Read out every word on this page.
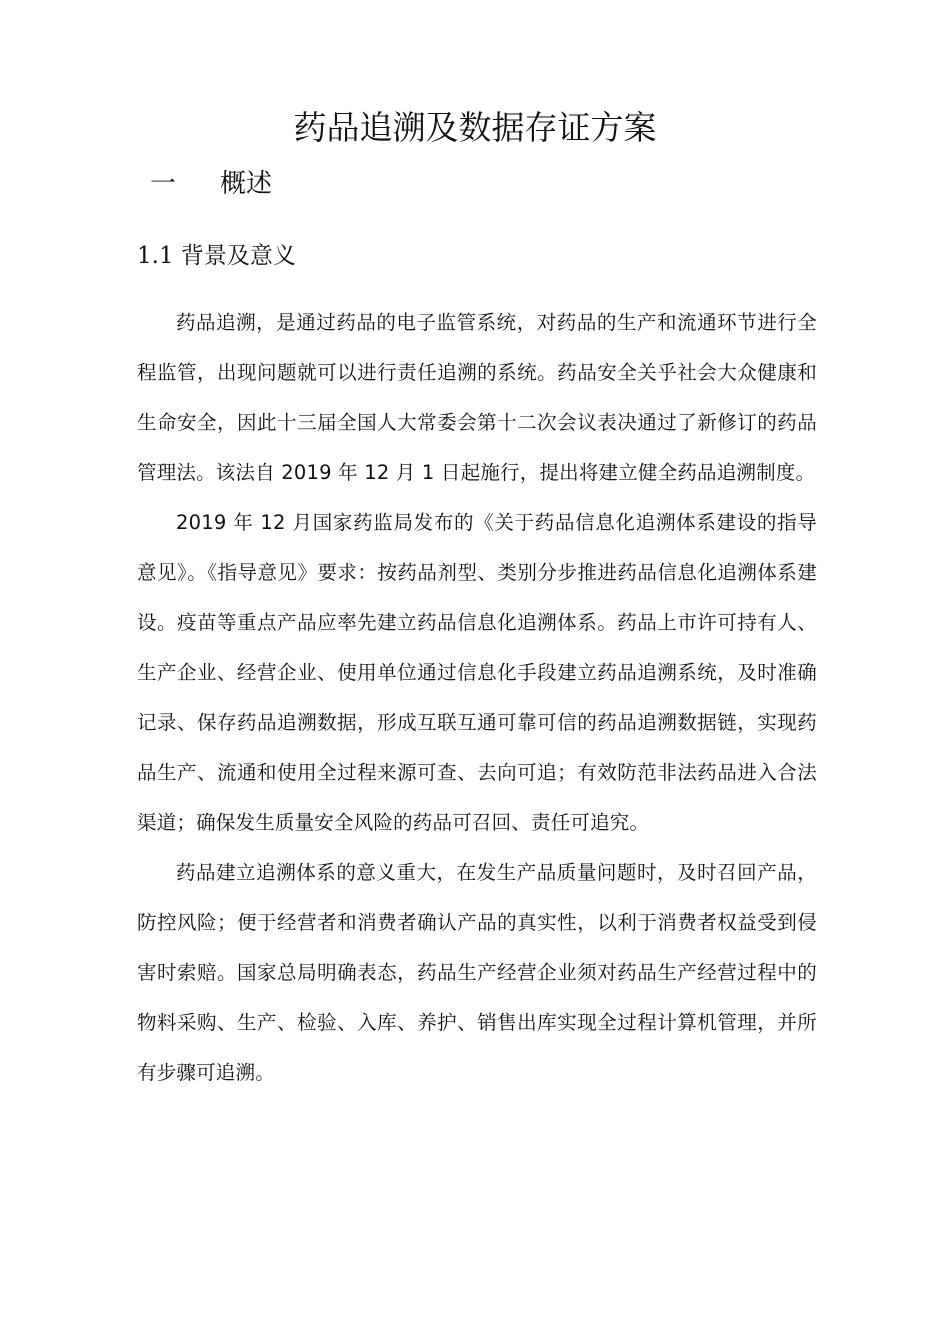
药品追溯及数据存证方案
一 概述
1.1 背景及意义

药品追溯，是通过药品的电子监管系统，对药品的生产和流通环节进行全程监管，出现问题就可以进行责任追溯的系统。药品安全关乎社会大众健康和生命安全，因此十三届全国人大常委会第十二次会议表决通过了新修订的药品管理法。该法自 2019 年 12 月 1 日起施行，提出将建立健全药品追溯制度。

2019 年 12 月国家药监局发布的《关于药品信息化追溯体系建设的指导意见》。《指导意见》要求：按药品剂型、类别分步推进药品信息化追溯体系建设。疫苗等重点产品应率先建立药品信息化追溯体系。药品上市许可持有人、生产企业、经营企业、使用单位通过信息化手段建立药品追溯系统，及时准确记录、保存药品追溯数据，形成互联互通可靠可信的药品追溯数据链，实现药品生产、流通和使用全过程来源可查、去向可追；有效防范非法药品进入合法渠道；确保发生质量安全风险的药品可召回、责任可追究。

药品建立追溯体系的意义重大，在发生产品质量问题时，及时召回产品，防控风险；便于经营者和消费者确认产品的真实性，以利于消费者权益受到侵害时索赔。国家总局明确表态，药品生产经营企业须对药品生产经营过程中的物料采购、生产、检验、入库、养护、销售出库实现全过程计算机管理，并所有步骤可追溯。
